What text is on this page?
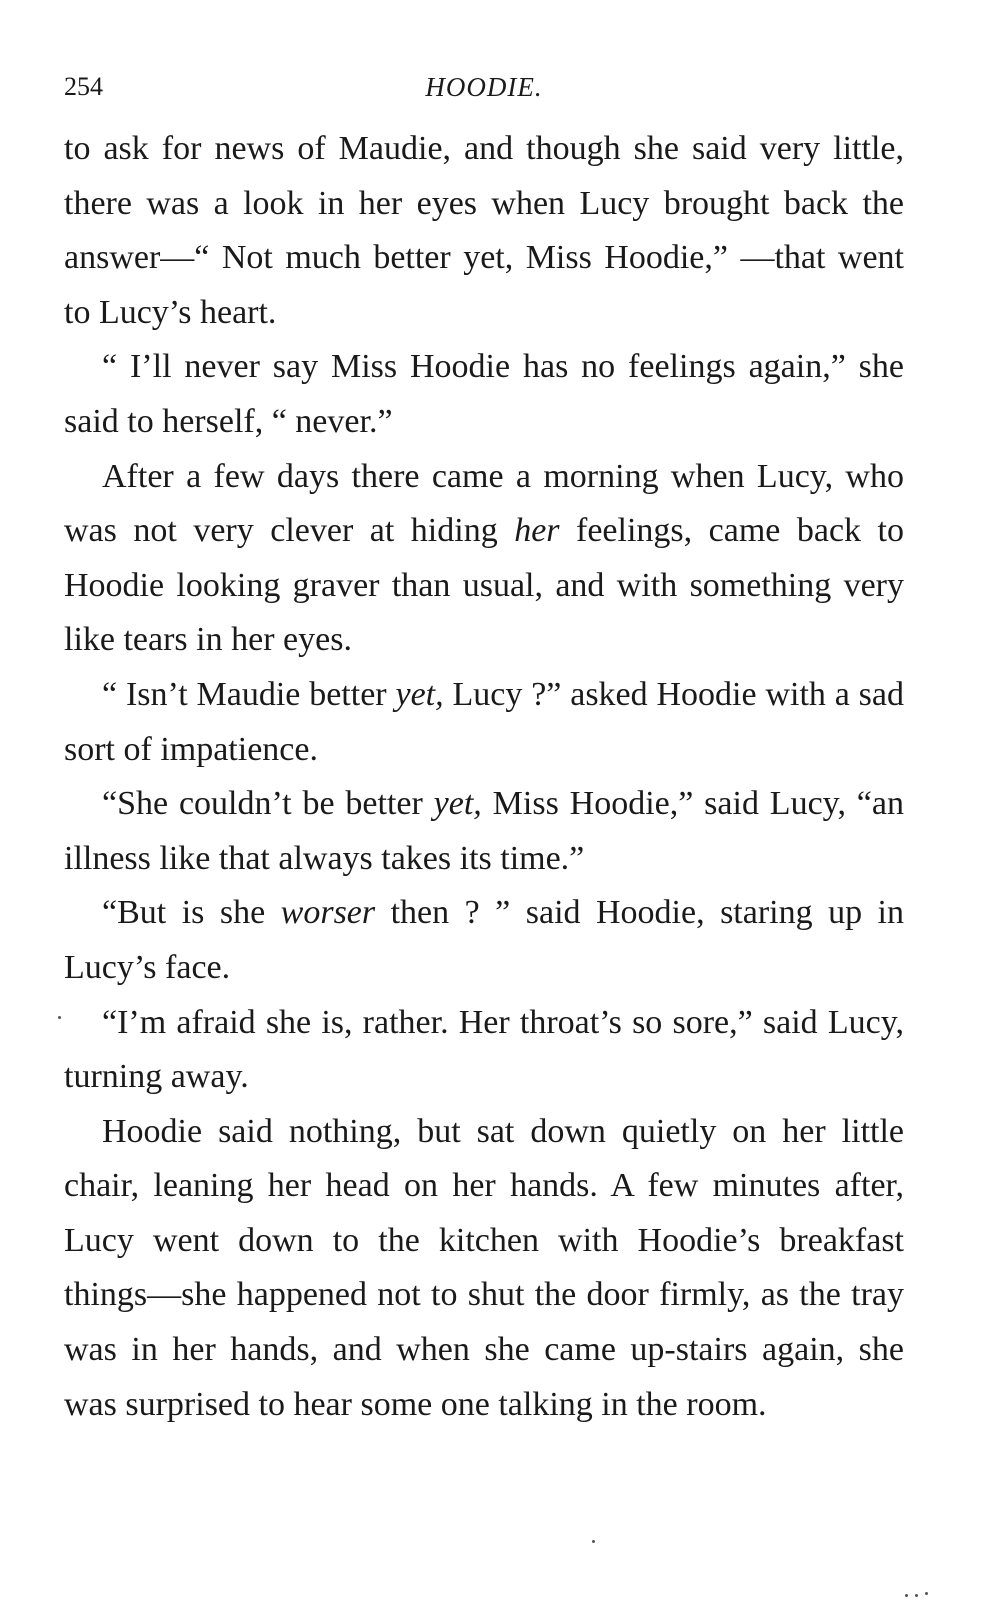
254	HOODIE.

to ask for news of Maudie, and though she said very little, there was a look in her eyes when Lucy brought back the answer—“ Not much better yet, Miss Hoodie,” —that went to Lucy’s heart.

“ I’ll never say Miss Hoodie has no feelings again,” she said to herself, “ never.”

After a few days there came a morning when Lucy, who was not very clever at hiding her feelings, came back to Hoodie looking graver than usual, and with something very like tears in her eyes.

“ Isn’t Maudie better yet, Lucy ?” asked Hoodie with a sad sort of impatience.

“She couldn’t be better yet, Miss Hoodie,” said Lucy, “an illness like that always takes its time.”

“But is she worser then ? ” said Hoodie, staring up in Lucy’s face.

“I’m afraid she is, rather. Her throat’s so sore,” said Lucy, turning away.

Hoodie said nothing, but sat down quietly on her little chair, leaning her head on her hands. A few minutes after, Lucy went down to the kitchen with Hoodie’s breakfast things—she happened not to shut the door firmly, as the tray was in her hands, and when she came up-stairs again, she was surprised to hear some one talking in the room.
